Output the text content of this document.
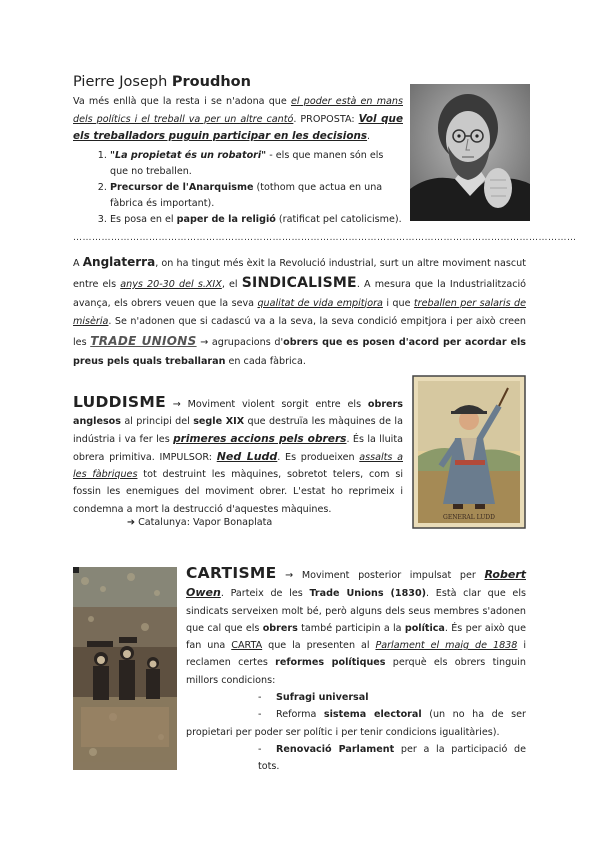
Pierre Joseph Proudhon
Va més enllà que la resta i se n'adona que el poder està en mans dels polítics i el treball va per un altre cantó. PROPOSTA: Vol que els treballadors puguin participar en les decisions.
1. "La propietat és un robatori" - els que manen són els que no treballen.
2. Precursor de l'Anarquisme (tothom que actua en una fàbrica és important).
3. Es posa en el paper de la religió (ratificat pel catolicisme).
……………………………………………………………………………………………………………………………………………
A Anglaterra, on ha tingut més èxit la Revolució industrial, surt un altre moviment nascut entre els anys 20-30 del s.XIX, el SINDICALISME. A mesura que la Industrialització avança, els obrers veuen que la seva qualitat de vida empitjora i que treballen per salaris de misèria. Se n'adonen que si cadascú va a la seva, la seva condició empitjora i per això creen les TRADE UNIONS → agrupacions d'obrers que es posen d'acord per acordar els preus pels quals treballaran en cada fàbrica.
LUDDISME → Moviment violent sorgit entre els obrers anglesos al principi del segle XIX que destruïa les màquines de la indústria i va fer les primeres accions pels obrers. És la lluita obrera primitiva. IMPULSOR: Ned Ludd. Es produeixen assalts a les fàbriques tot destruint les màquines, sobretot telers, com si fossin les enemigues del moviment obrer. L'estat ho reprimeix i condemna a mort la destrucció d'aquestes màquines.
➔ Catalunya: Vapor Bonaplata	GENERAL LUDD
CARTISME → Moviment posterior impulsat per Robert Owen. Parteix de les Trade Unions (1830). Està clar que els sindicats serveixen molt bé, però alguns dels seus membres s'adonen que cal que els obrers també participin a la política. És per això que fan una CARTA que la presenten al Parlament el maig de 1838 i reclamen certes reformes polítiques perquè els obrers tinguin millors condicions:
- Sufragi universal
- Reforma sistema electoral (un no ha de ser propietari per poder ser polític i per tenir condicions igualitàries).
- Renovació Parlament per a la participació de tots.
